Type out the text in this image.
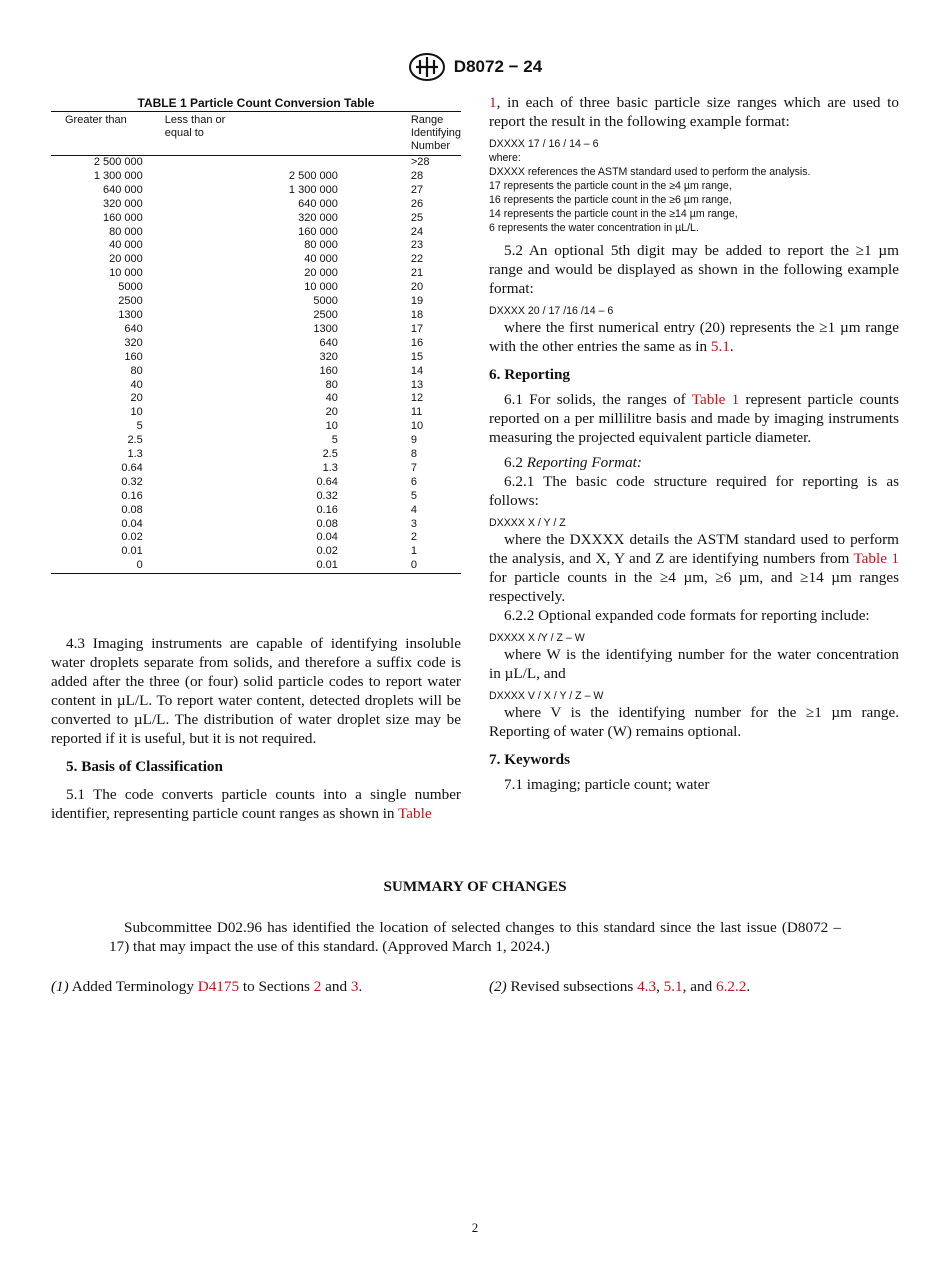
D8072 − 24
TABLE 1 Particle Count Conversion Table
Greater than	Less than or
equal to	Range Identifying
Number
2 500 000		>28
1 300 000	2 500 000	28
640 000	1 300 000	27
320 000	640 000	26
160 000	320 000	25
80 000	160 000	24
40 000	80 000	23
20 000	40 000	22
10 000	20 000	21
5000	10 000	20
2500	5000	19
1300	2500	18
640	1300	17
320	640	16
160	320	15
80	160	14
40	80	13
20	40	12
10	20	11
5	10	10
2.5	5	9
1.3	2.5	8
0.64	1.3	7
0.32	0.64	6
0.16	0.32	5
0.08	0.16	4
0.04	0.08	3
0.02	0.04	2
0.01	0.02	1
0	0.01	0

4.3 Imaging instruments are capable of identifying insoluble water droplets separate from solids, and therefore a suffix code is added after the three (or four) solid particle codes to report water content in µL/L. To report water content, detected droplets will be converted to µL/L. The distribution of water droplet size may be reported if it is useful, but it is not required.

5. Basis of Classification

5.1 The code converts particle counts into a single number identifier, representing particle count ranges as shown in Table

1, in each of three basic particle size ranges which are used to report the result in the following example format:

DXXXX 17 / 16 / 14 – 6
where:
DXXXX references the ASTM standard used to perform the analysis.
17 represents the particle count in the ≥4 µm range,
16 represents the particle count in the ≥6 µm range,
14 represents the particle count in the ≥14 µm range,
6 represents the water concentration in µL/L.

5.2 An optional 5th digit may be added to report the ≥1 µm range and would be displayed as shown in the following example format:

DXXXX 20 / 17 /16 /14 – 6

where the first numerical entry (20) represents the ≥1 µm range with the other entries the same as in 5.1.

6. Reporting

6.1 For solids, the ranges of Table 1 represent particle counts reported on a per millilitre basis and made by imaging instruments measuring the projected equivalent particle diameter.

6.2 Reporting Format:

6.2.1 The basic code structure required for reporting is as follows:

DXXXX X / Y / Z

where the DXXXX details the ASTM standard used to perform the analysis, and X, Y and Z are identifying numbers from Table 1 for particle counts in the ≥4 µm, ≥6 µm, and ≥14 µm ranges respectively.

6.2.2 Optional expanded code formats for reporting include:

DXXXX X /Y / Z – W

where W is the identifying number for the water concentration in µL/L, and

DXXXX V / X / Y / Z – W

where V is the identifying number for the ≥1 µm range. Reporting of water (W) remains optional.

7. Keywords

7.1 imaging; particle count; water

SUMMARY OF CHANGES

Subcommittee D02.96 has identified the location of selected changes to this standard since the last issue (D8072 – 17) that may impact the use of this standard. (Approved March 1, 2024.)

(1) Added Terminology D4175 to Sections 2 and 3.	(2) Revised subsections 4.3, 5.1, and 6.2.2.
2
